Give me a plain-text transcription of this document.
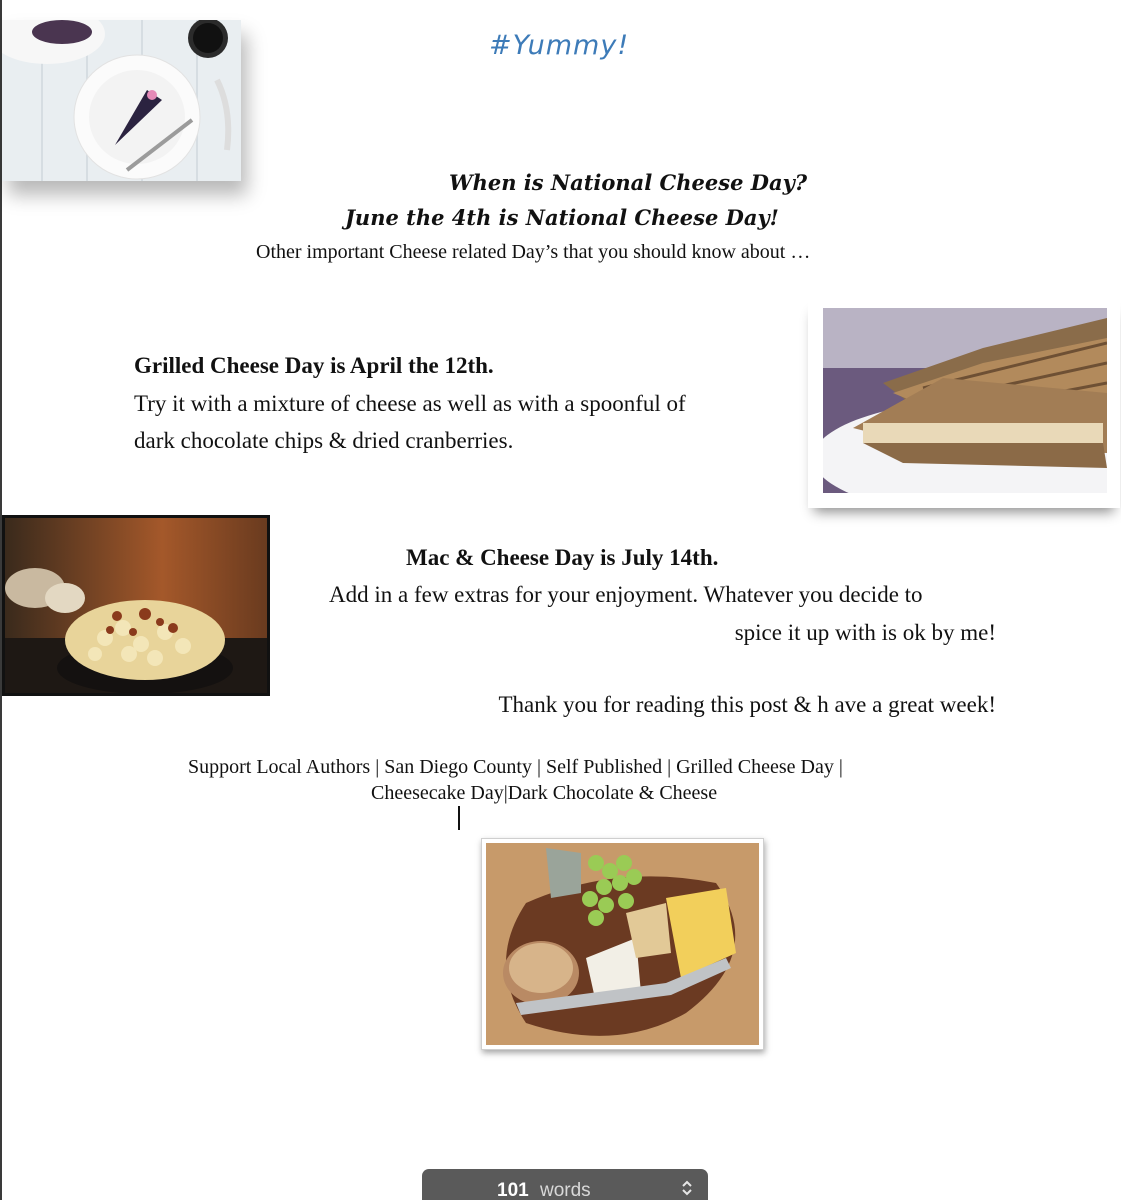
#Yummy!
When is National Cheese Day?
June the 4th is National Cheese Day!
Other important Cheese related Day’s that you should know about …
Grilled Cheese Day is April the 12th.
Try it with a mixture of cheese as well as with a spoonful of
dark chocolate chips & dried cranberries.
Mac & Cheese Day is July 14th.
Add in a few extras for your enjoyment. Whatever you decide to
spice it up with is ok by me!
Thank you for reading this post & h ave a great week!
Support Local Authors | San Diego County | Self Published | Grilled Cheese Day |
Cheesecake Day|Dark Chocolate & Cheese
101 words
